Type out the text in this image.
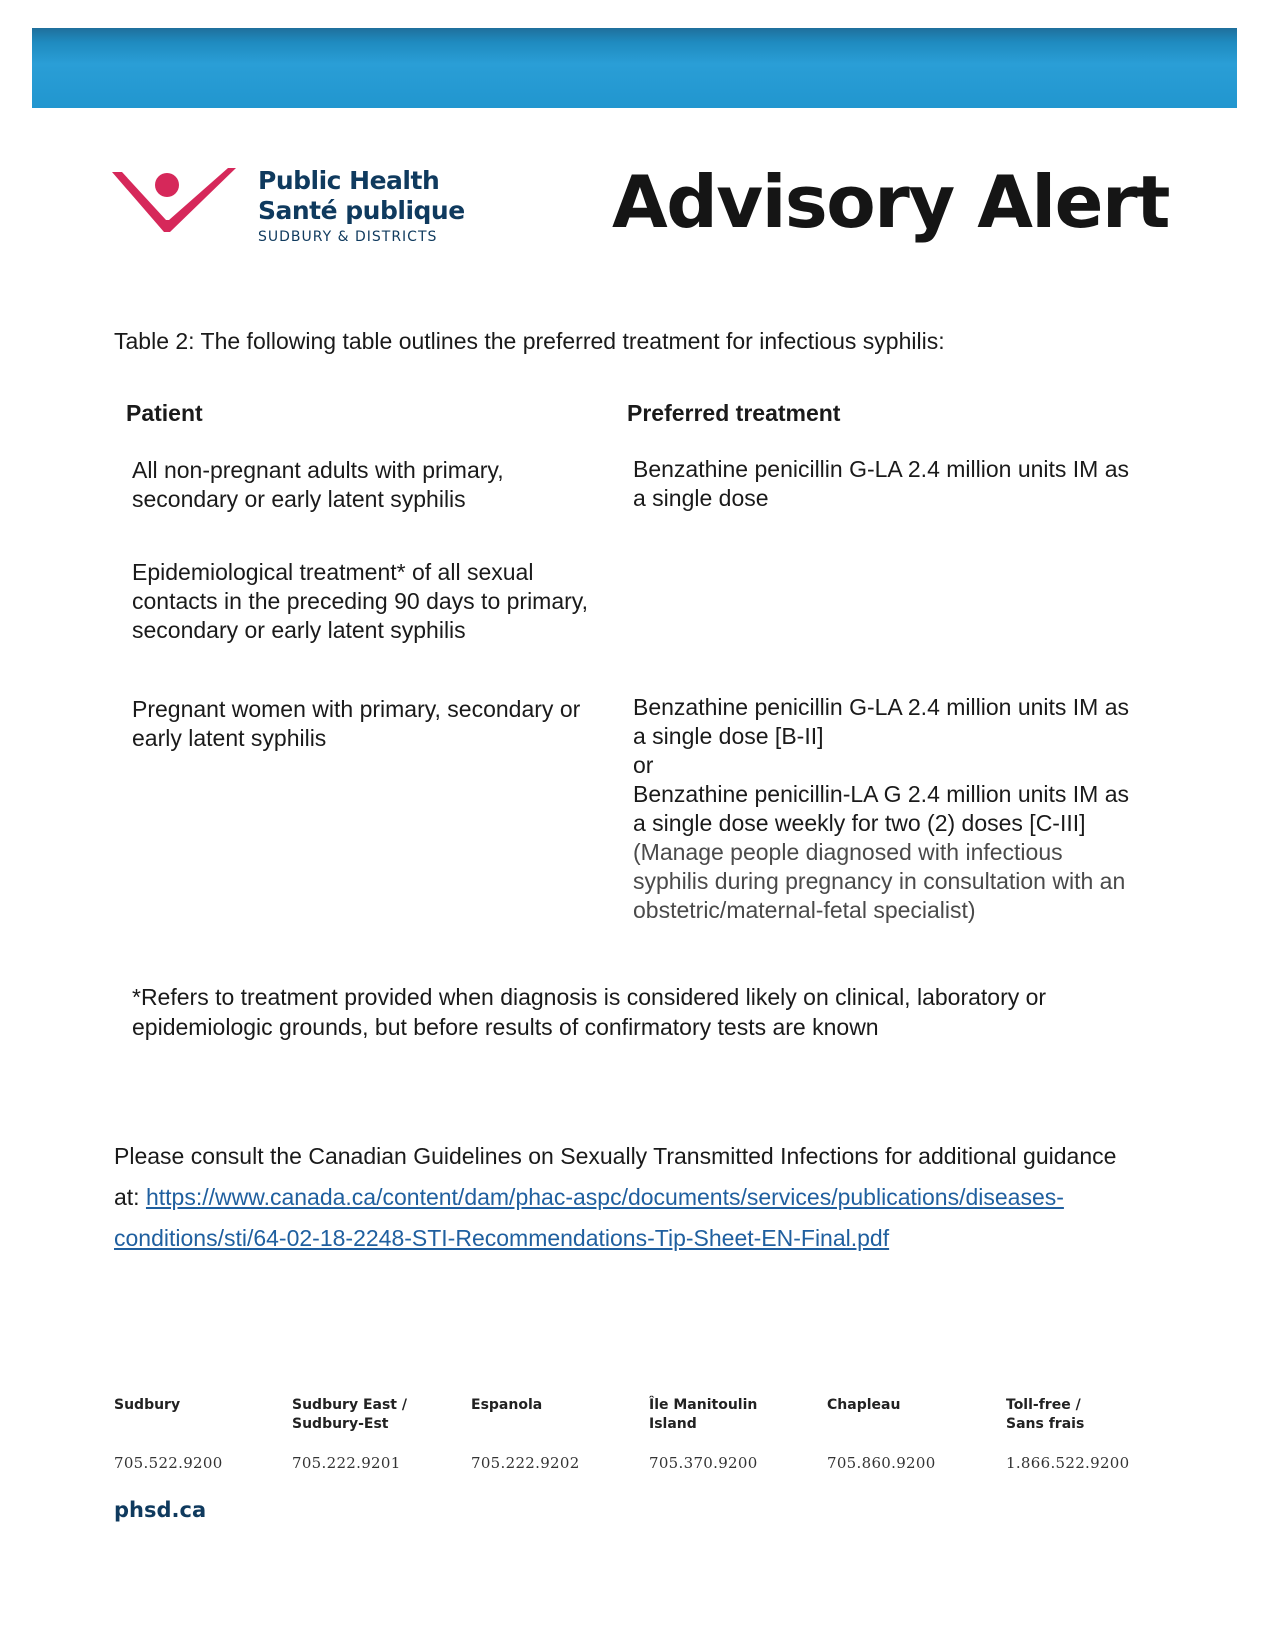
Public Health
Santé publique
SUDBURY & DISTRICTS	Advisory Alert
Table 2: The following table outlines the preferred treatment for infectious syphilis:
Patient	Preferred treatment
All non-pregnant adults with primary, secondary or early latent syphilis
Benzathine penicillin G-LA 2.4 million units IM as a single dose
Epidemiological treatment* of all sexual contacts in the preceding 90 days to primary, secondary or early latent syphilis
Pregnant women with primary, secondary or early latent syphilis
Benzathine penicillin G-LA 2.4 million units IM as a single dose [B-II]
or
Benzathine penicillin-LA G 2.4 million units IM as a single dose weekly for two (2) doses [C-III]
(Manage people diagnosed with infectious syphilis during pregnancy in consultation with an obstetric/maternal-fetal specialist)
*Refers to treatment provided when diagnosis is considered likely on clinical, laboratory or epidemiologic grounds, but before results of confirmatory tests are known
Please consult the Canadian Guidelines on Sexually Transmitted Infections for additional guidance at: https://www.canada.ca/content/dam/phac-aspc/documents/services/publications/diseases-conditions/sti/64-02-18-2248-STI-Recommendations-Tip-Sheet-EN-Final.pdf
Sudbury
705.522.9200
Sudbury East / Sudbury-Est
705.222.9201
Espanola
705.222.9202
Île Manitoulin Island
705.370.9200
Chapleau
705.860.9200
Toll-free / Sans frais
1.866.522.9200
phsd.ca
